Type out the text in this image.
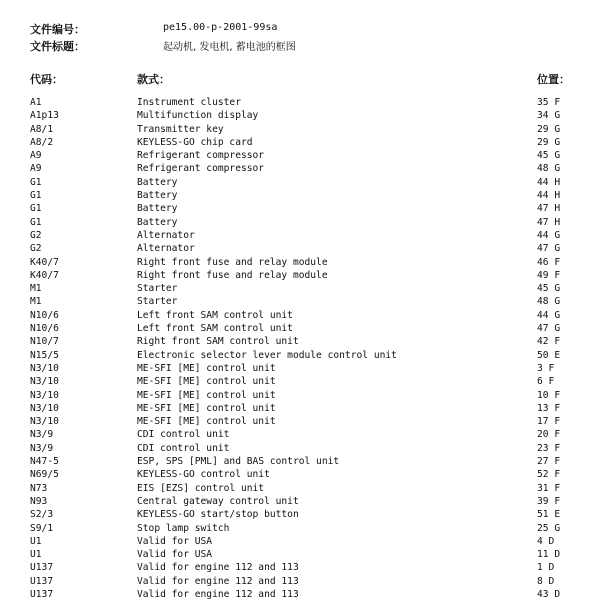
文件编号：	pe15.00-p-2001-99sa
文件标题：	起动机, 发电机, 蓄电池的框图
代码：	款式：	位置：
A1	Instrument cluster	35 F
A1p13	Multifunction display	34 G
A8/1	Transmitter key	29 G
A8/2	KEYLESS-GO chip card	29 G
A9	Refrigerant compressor	45 G
A9	Refrigerant compressor	48 G
G1	Battery	44 H
G1	Battery	44 H
G1	Battery	47 H
G1	Battery	47 H
G2	Alternator	44 G
G2	Alternator	47 G
K40/7	Right front fuse and relay module	46 F
K40/7	Right front fuse and relay module	49 F
M1	Starter	45 G
M1	Starter	48 G
N10/6	Left front SAM control unit	44 G
N10/6	Left front SAM control unit	47 G
N10/7	Right front SAM control unit	42 F
N15/5	Electronic selector lever module control unit	50 E
N3/10	ME-SFI [ME] control unit	3 F
N3/10	ME-SFI [ME] control unit	6 F
N3/10	ME-SFI [ME] control unit	10 F
N3/10	ME-SFI [ME] control unit	13 F
N3/10	ME-SFI [ME] control unit	17 F
N3/9	CDI control unit	20 F
N3/9	CDI control unit	23 F
N47-5	ESP, SPS [PML] and BAS control unit	27 F
N69/5	KEYLESS-GO control unit	52 F
N73	EIS [EZS] control unit	31 F
N93	Central gateway control unit	39 F
S2/3	KEYLESS-GO start/stop button	51 E
S9/1	Stop lamp switch	25 G
U1	Valid for USA	4 D
U1	Valid for USA	11 D
U137	Valid for engine 112 and 113	1 D
U137	Valid for engine 112 and 113	8 D
U137	Valid for engine 112 and 113	43 D
